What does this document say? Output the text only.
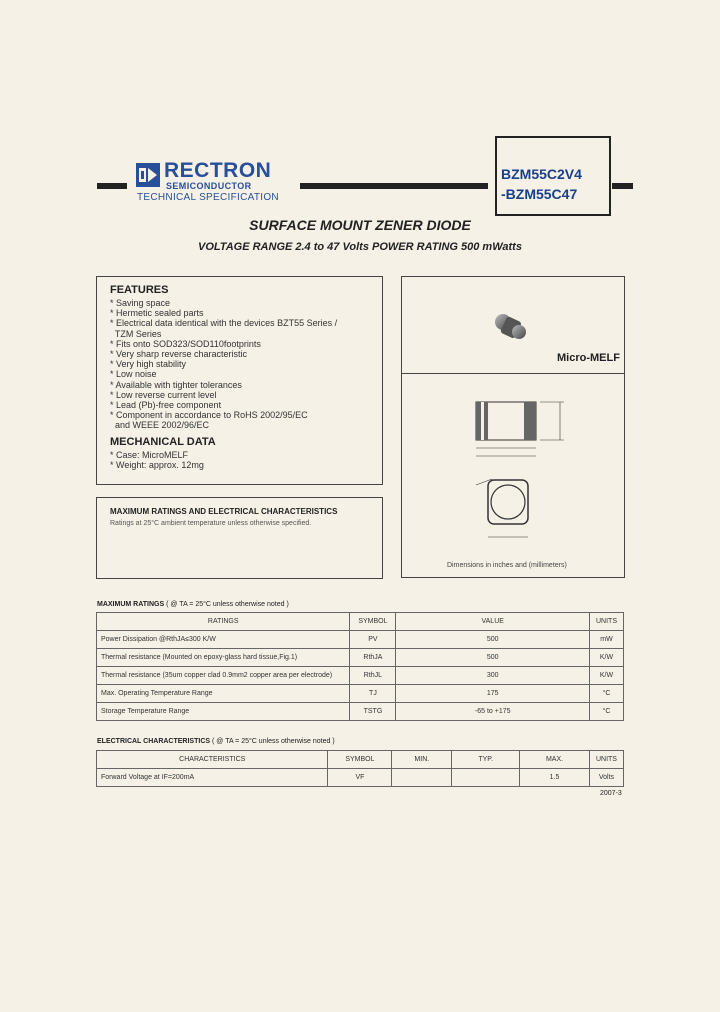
RECTRON
SEMICONDUCTOR
TECHNICAL SPECIFICATION
BZM55C2V4
-BZM55C47
SURFACE MOUNT ZENER DIODE
VOLTAGE RANGE 2.4 to 47 Volts POWER RATING 500 mWatts
FEATURES
* Saving space
* Hermetic sealed parts
* Electrical data identical with the devices BZT55 Series /
TZM Series
* Fits onto SOD323/SOD110footprints
* Very sharp reverse characteristic
* Very high stability
* Low noise
* Available with tighter tolerances
* Low reverse current level
* Lead (Pb)-free component
* Component in accordance to RoHS 2002/95/EC
and WEEE 2002/96/EC
MECHANICAL DATA
* Case: MicroMELF
* Weight: approx. 12mg
MAXIMUM RATINGS AND ELECTRICAL CHARACTERISTICS
Ratings at 25°C ambient temperature unless otherwise specified.
Micro-MELF
Dimensions in inches and (millimeters)
MAXIMUM RATINGS ( @ TA = 25°C unless otherwise noted )
RATINGS	SYMBOL	VALUE	UNITS
Power Dissipation @RthJA≤300 K/W	PV	500	mW
Thermal resistance (Mounted on epoxy-glass hard tissue,Fig.1)	RthJA	500	K/W
Thermal resistance (35um copper clad 0.9mm2 copper area per electrode)	RthJL	300	K/W
Max. Operating Temperature Range	TJ	175	°C
Storage Temperature Range	TSTG	-65 to +175	°C
ELECTRICAL CHARACTERISTICS ( @ TA = 25°C unless otherwise noted )
CHARACTERISTICS	SYMBOL	MIN.	TYP.	MAX.	UNITS
Forward Voltage at IF=200mA	VF			1.5	Volts
2007-3
